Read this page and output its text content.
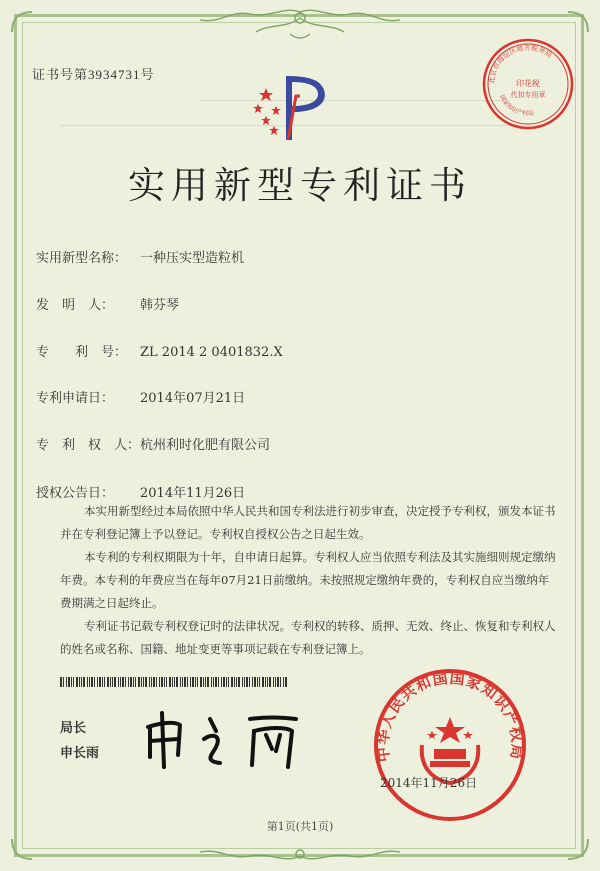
证书号第3934731号
实用新型专利证书
实用新型名称： 一种压实型造粒机
发　明　人： 韩芬琴
专　　利　号： ZL 2014 2 0401832.X
专利申请日： 2014年07月21日
专　利　权　人：杭州利时化肥有限公司
授权公告日： 2014年11月26日

本实用新型经过本局依照中华人民共和国专利法进行初步审查，决定授予专利权，颁发本证书并在专利登记簿上予以登记。专利权自授权公告之日起生效。

本专利的专利权期限为十年，自申请日起算。专利权人应当依照专利法及其实施细则规定缴纳年费。本专利的年费应当在每年07月21日前缴纳。未按照规定缴纳年费的，专利权自应当缴纳年费期满之日起终止。

专利证书记载专利权登记时的法律状况。专利权的转移、质押、无效、终止、恢复和专利权人的姓名或名称、国籍、地址变更等事项记载在专利登记簿上。

局长
申长雨
北京市海淀区地方税务局
印花税
代扣专用章
国家知识产权局
中华人民共和国国家知识产权局
2014年11月26日
第1页(共1页)
